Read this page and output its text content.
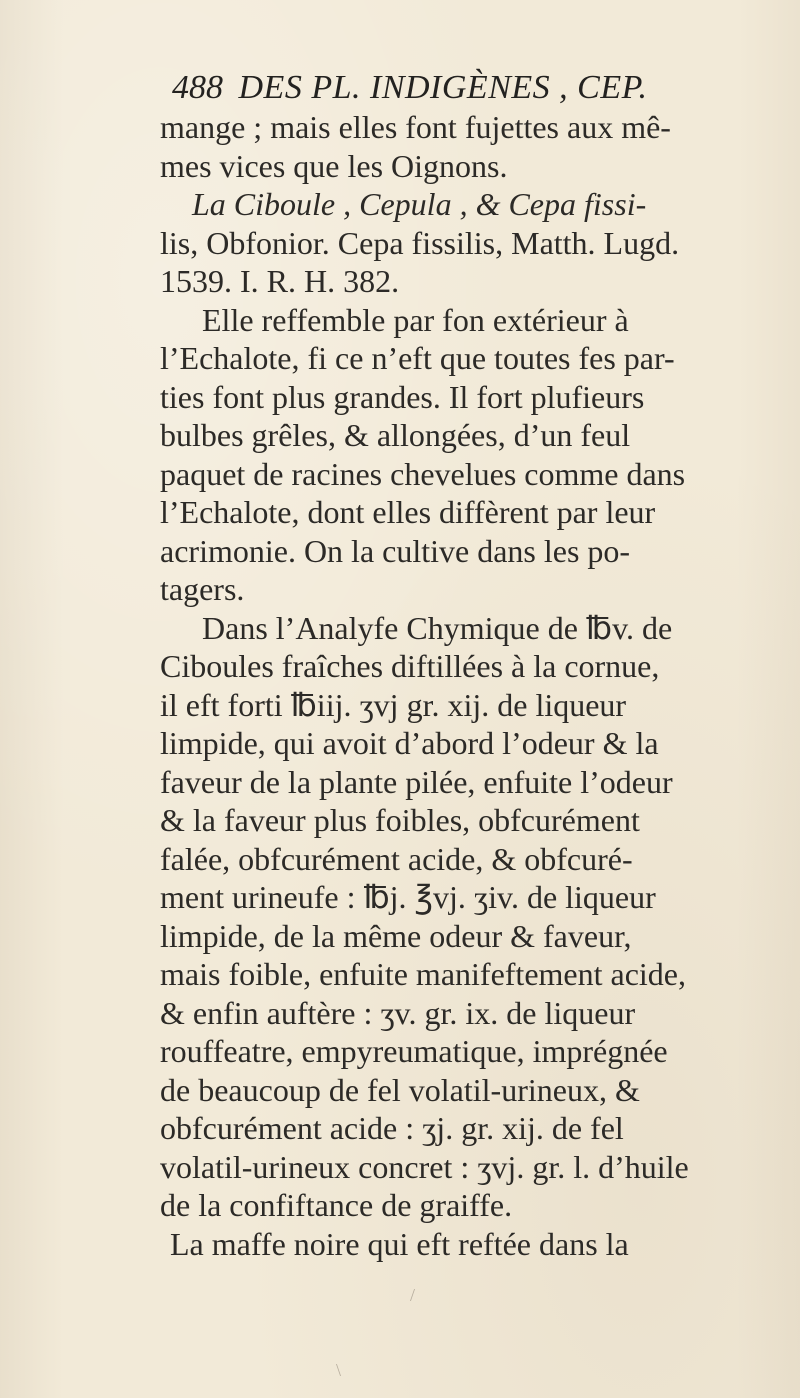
488 DES PL. INDIGÈNES , CEP.
mange ; mais elles font fujettes aux mê-
mes vices que les Oignons.
La Ciboule , Cepula , & Cepa fissi-
lis, Obfonior. Cepa fissilis, Matth. Lugd.
1539. I. R. H. 382.
Elle reffemble par fon extérieur à
l’Echalote, fi ce n’eft que toutes fes par-
ties font plus grandes. Il fort plufieurs
bulbes grêles, & allongées, d’un feul
paquet de racines chevelues comme dans
l’Echalote, dont elles diffèrent par leur
acrimonie. On la cultive dans les po-
tagers.
Dans l’Analyfe Chymique de ℔v. de
Ciboules fraîches diftillées à la cornue,
il eft forti ℔iij. ʒvj gr. xij. de liqueur
limpide, qui avoit d’abord l’odeur & la
faveur de la plante pilée, enfuite l’odeur
& la faveur plus foibles, obfcurément
falée, obfcurément acide, & obfcuré-
ment urineufe : ℔j. ℥vj. ʒiv. de liqueur
limpide, de la même odeur & faveur,
mais foible, enfuite manifeftement acide,
& enfin auftère : ʒv. gr. ix. de liqueur
rouffeatre, empyreumatique, imprégnée
de beaucoup de fel volatil-urineux, &
obfcurément acide : ʒj. gr. xij. de fel
volatil-urineux concret : ʒvj. gr. l. d’huile
de la confiftance de graiffe.
La maffe noire qui eft reftée dans la
/
\
